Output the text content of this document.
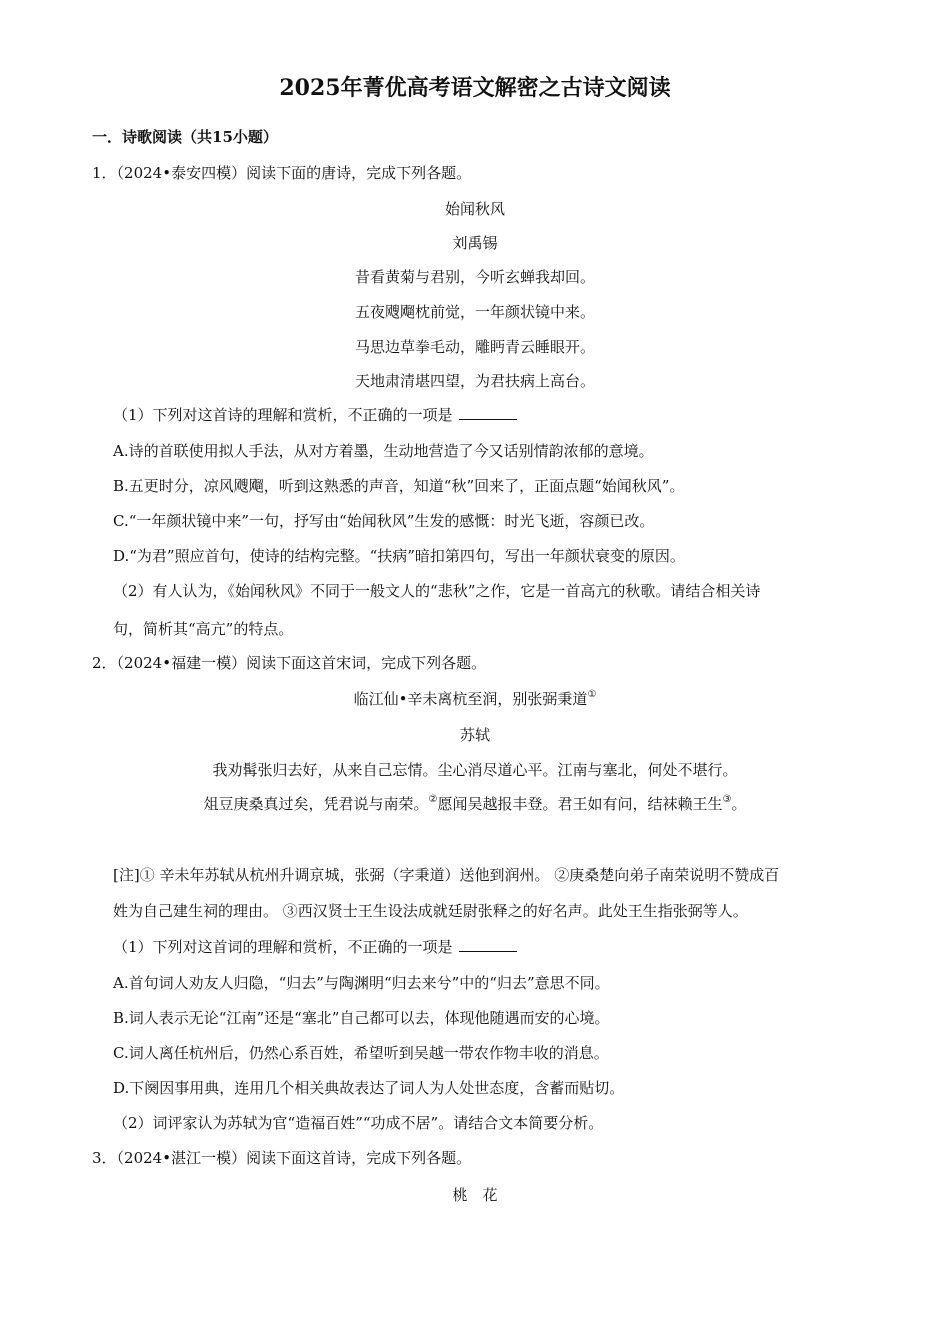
2025年菁优高考语文解密之古诗文阅读
一．诗歌阅读（共15小题）
1．（2024•泰安四模）阅读下面的唐诗，完成下列各题。
始闻秋风
刘禹锡
昔看黄菊与君别，今听玄蝉我却回。
五夜飕飗枕前觉，一年颜状镜中来。
马思边草拳毛动，雕眄青云睡眼开。
天地肃清堪四望，为君扶病上高台。
（1）下列对这首诗的理解和赏析，不正确的一项是
A.诗的首联使用拟人手法，从对方着墨，生动地营造了今又话别情韵浓郁的意境。
B.五更时分，凉风飕飗，听到这熟悉的声音，知道“秋”回来了，正面点题“始闻秋风”。
C.“一年颜状镜中来”一句，抒写由“始闻秋风”生发的感慨：时光飞逝，容颜已改。
D.“为君”照应首句，使诗的结构完整。“扶病”暗扣第四句，写出一年颜状衰变的原因。
（2）有人认为，《始闻秋风》不同于一般文人的“悲秋”之作，它是一首高亢的秋歌。请结合相关诗
句，简析其“高亢”的特点。
2．（2024•福建一模）阅读下面这首宋词，完成下列各题。
临江仙•辛未离杭至润，别张弼秉道①
苏轼
我劝髯张归去好，从来自己忘情。尘心消尽道心平。江南与塞北，何处不堪行。
俎豆庚桑真过矣，凭君说与南荣。②愿闻吴越报丰登。君王如有问，结袜赖王生③。
[注]① 辛未年苏轼从杭州升调京城，张弼（字秉道）送他到润州。 ②庚桑楚向弟子南荣说明不赞成百
姓为自己建生祠的理由。 ③西汉贤士王生设法成就廷尉张释之的好名声。此处王生指张弼等人。
（1）下列对这首词的理解和赏析，不正确的一项是
A.首句词人劝友人归隐，“归去”与陶渊明“归去来兮”中的“归去”意思不同。
B.词人表示无论“江南”还是“塞北”自己都可以去，体现他随遇而安的心境。
C.词人离任杭州后，仍然心系百姓，希望听到吴越一带农作物丰收的消息。
D.下阕因事用典，连用几个相关典故表达了词人为人处世态度，含蓄而贴切。
（2）词评家认为苏轼为官“造福百姓”“功成不居”。请结合文本简要分析。
3．（2024•湛江一模）阅读下面这首诗，完成下列各题。
桃　花
